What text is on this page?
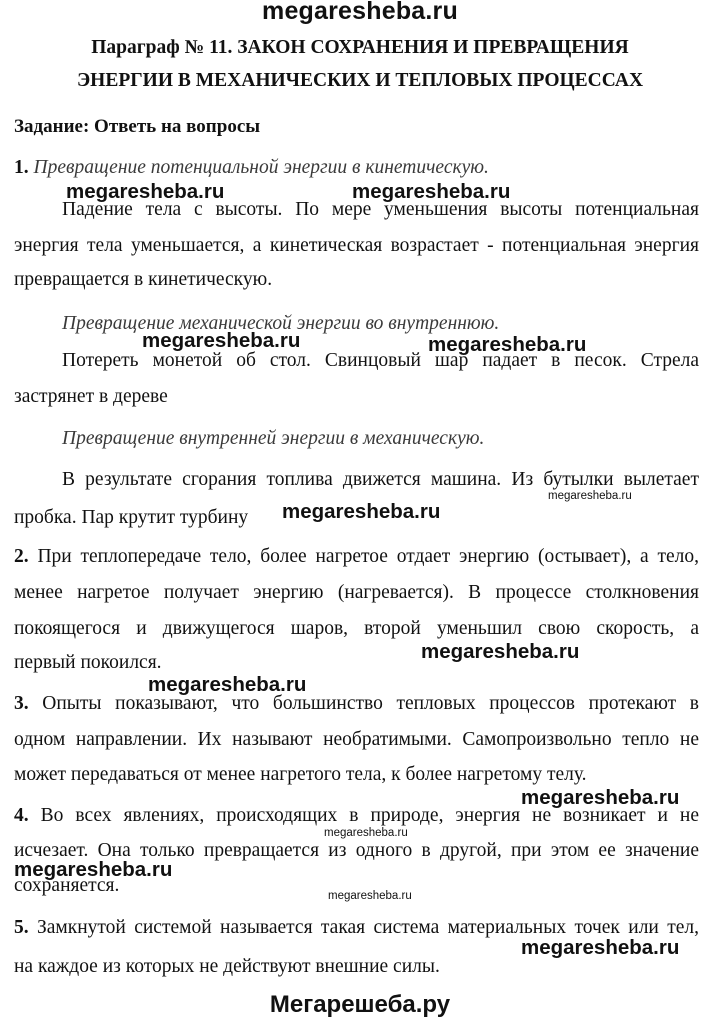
megaresheba.ru
Параграф № 11. ЗАКОН СОХРАНЕНИЯ И ПРЕВРАЩЕНИЯ
ЭНЕРГИИ В МЕХАНИЧЕСКИХ И ТЕПЛОВЫХ ПРОЦЕССАХ
Задание: Ответь на вопросы
1. Превращение потенциальной энергии в кинетическую.
megaresheba.ru	megaresheba.ru
Падение тела с высоты. По мере уменьшения высоты потенциальная
энергия тела уменьшается, а кинетическая возрастает - потенциальная энергия
превращается в кинетическую.
Превращение механической энергии во внутреннюю.
megaresheba.ru	megaresheba.ru
Потереть монетой об стол. Свинцовый шар падает в песок. Стрела
застрянет в дереве
Превращение внутренней энергии в механическую.
В результате сгорания топлива движется машина. Из бутылки вылетает
megaresheba.ru
пробка. Пар крутит турбину	megaresheba.ru
2. При теплопередаче тело, более нагретое отдает энергию (остывает), а тело,
менее нагретое получает энергию (нагревается). В процессе столкновения
покоящегося и движущегося шаров, второй уменьшил свою скорость, а
megaresheba.ru
первый покоился.
megaresheba.ru
3. Опыты показывают, что большинство тепловых процессов протекают в
одном направлении. Их называют необратимыми. Самопроизвольно тепло не
может передаваться от менее нагретого тела, к более нагретому телу.
megaresheba.ru
4. Во всех явлениях, происходящих в природе, энергия не возникает и не
megaresheba.ru
исчезает. Она только превращается из одного в другой, при этом ее значение
megaresheba.ru
сохраняется.	megaresheba.ru
5. Замкнутой системой называется такая система материальных точек или тел,
megaresheba.ru
на каждое из которых не действуют внешние силы.
Мегарешеба.ру
